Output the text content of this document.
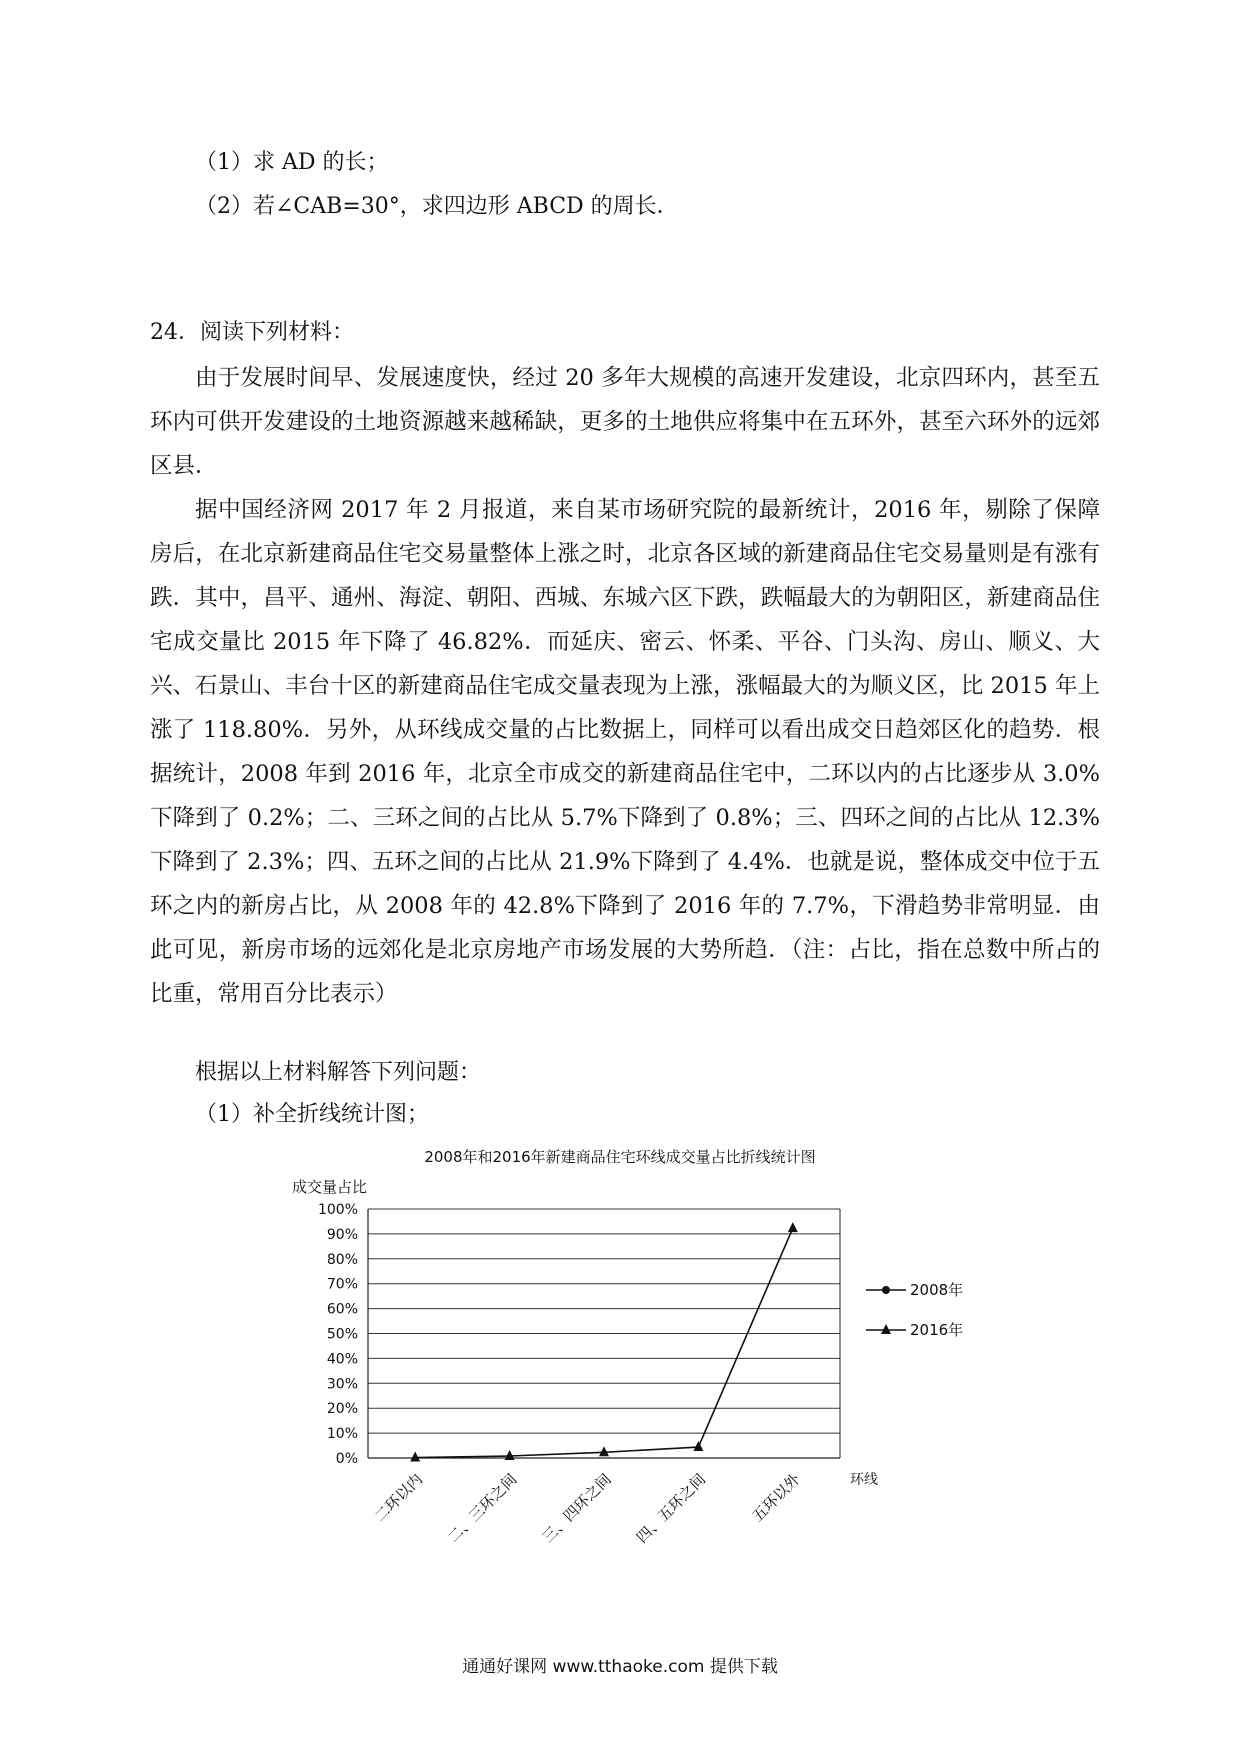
（1）求 AD 的长；
（2）若∠CAB=30°，求四边形 ABCD 的周长．
24．阅读下列材料：

由于发展时间早、发展速度快，经过 20 多年大规模的高速开发建设，北京四环内，甚至五环内可供开发建设的土地资源越来越稀缺，更多的土地供应将集中在五环外，甚至六环外的远郊区县．

据中国经济网 2017 年 2 月报道，来自某市场研究院的最新统计，2016 年，剔除了保障房后，在北京新建商品住宅交易量整体上涨之时，北京各区域的新建商品住宅交易量则是有涨有跌．其中，昌平、通州、海淀、朝阳、西城、东城六区下跌，跌幅最大的为朝阳区，新建商品住宅成交量比 2015 年下降了 46.82%．而延庆、密云、怀柔、平谷、门头沟、房山、顺义、大兴、石景山、丰台十区的新建商品住宅成交量表现为上涨，涨幅最大的为顺义区，比 2015 年上涨了 118.80%．另外，从环线成交量的占比数据上，同样可以看出成交日趋郊区化的趋势．根据统计，2008 年到 2016 年，北京全市成交的新建商品住宅中，二环以内的占比逐步从 3.0%下降到了 0.2%；二、三环之间的占比从 5.7%下降到了 0.8%；三、四环之间的占比从 12.3%下降到了 2.3%；四、五环之间的占比从 21.9%下降到了 4.4%．也就是说，整体成交中位于五环之内的新房占比，从 2008 年的 42.8%下降到了 2016 年的 7.7%，下滑趋势非常明显．由此可见，新房市场的远郊化是北京房地产市场发展的大势所趋．（注：占比，指在总数中所占的比重，常用百分比表示）

根据以上材料解答下列问题：
（1）补全折线统计图；
2008年和2016年新建商品住宅环线成交量占比折线统计图
0%
10%
20%
30%
40%
50%
60%
70%
80%
90%
100%
成交量占比
环线
二环以内 二、三环之间 三、四环之间 四、五环之间	五环以外
2008年
2016年
通通好课网 www.tthaoke.com 提供下载
